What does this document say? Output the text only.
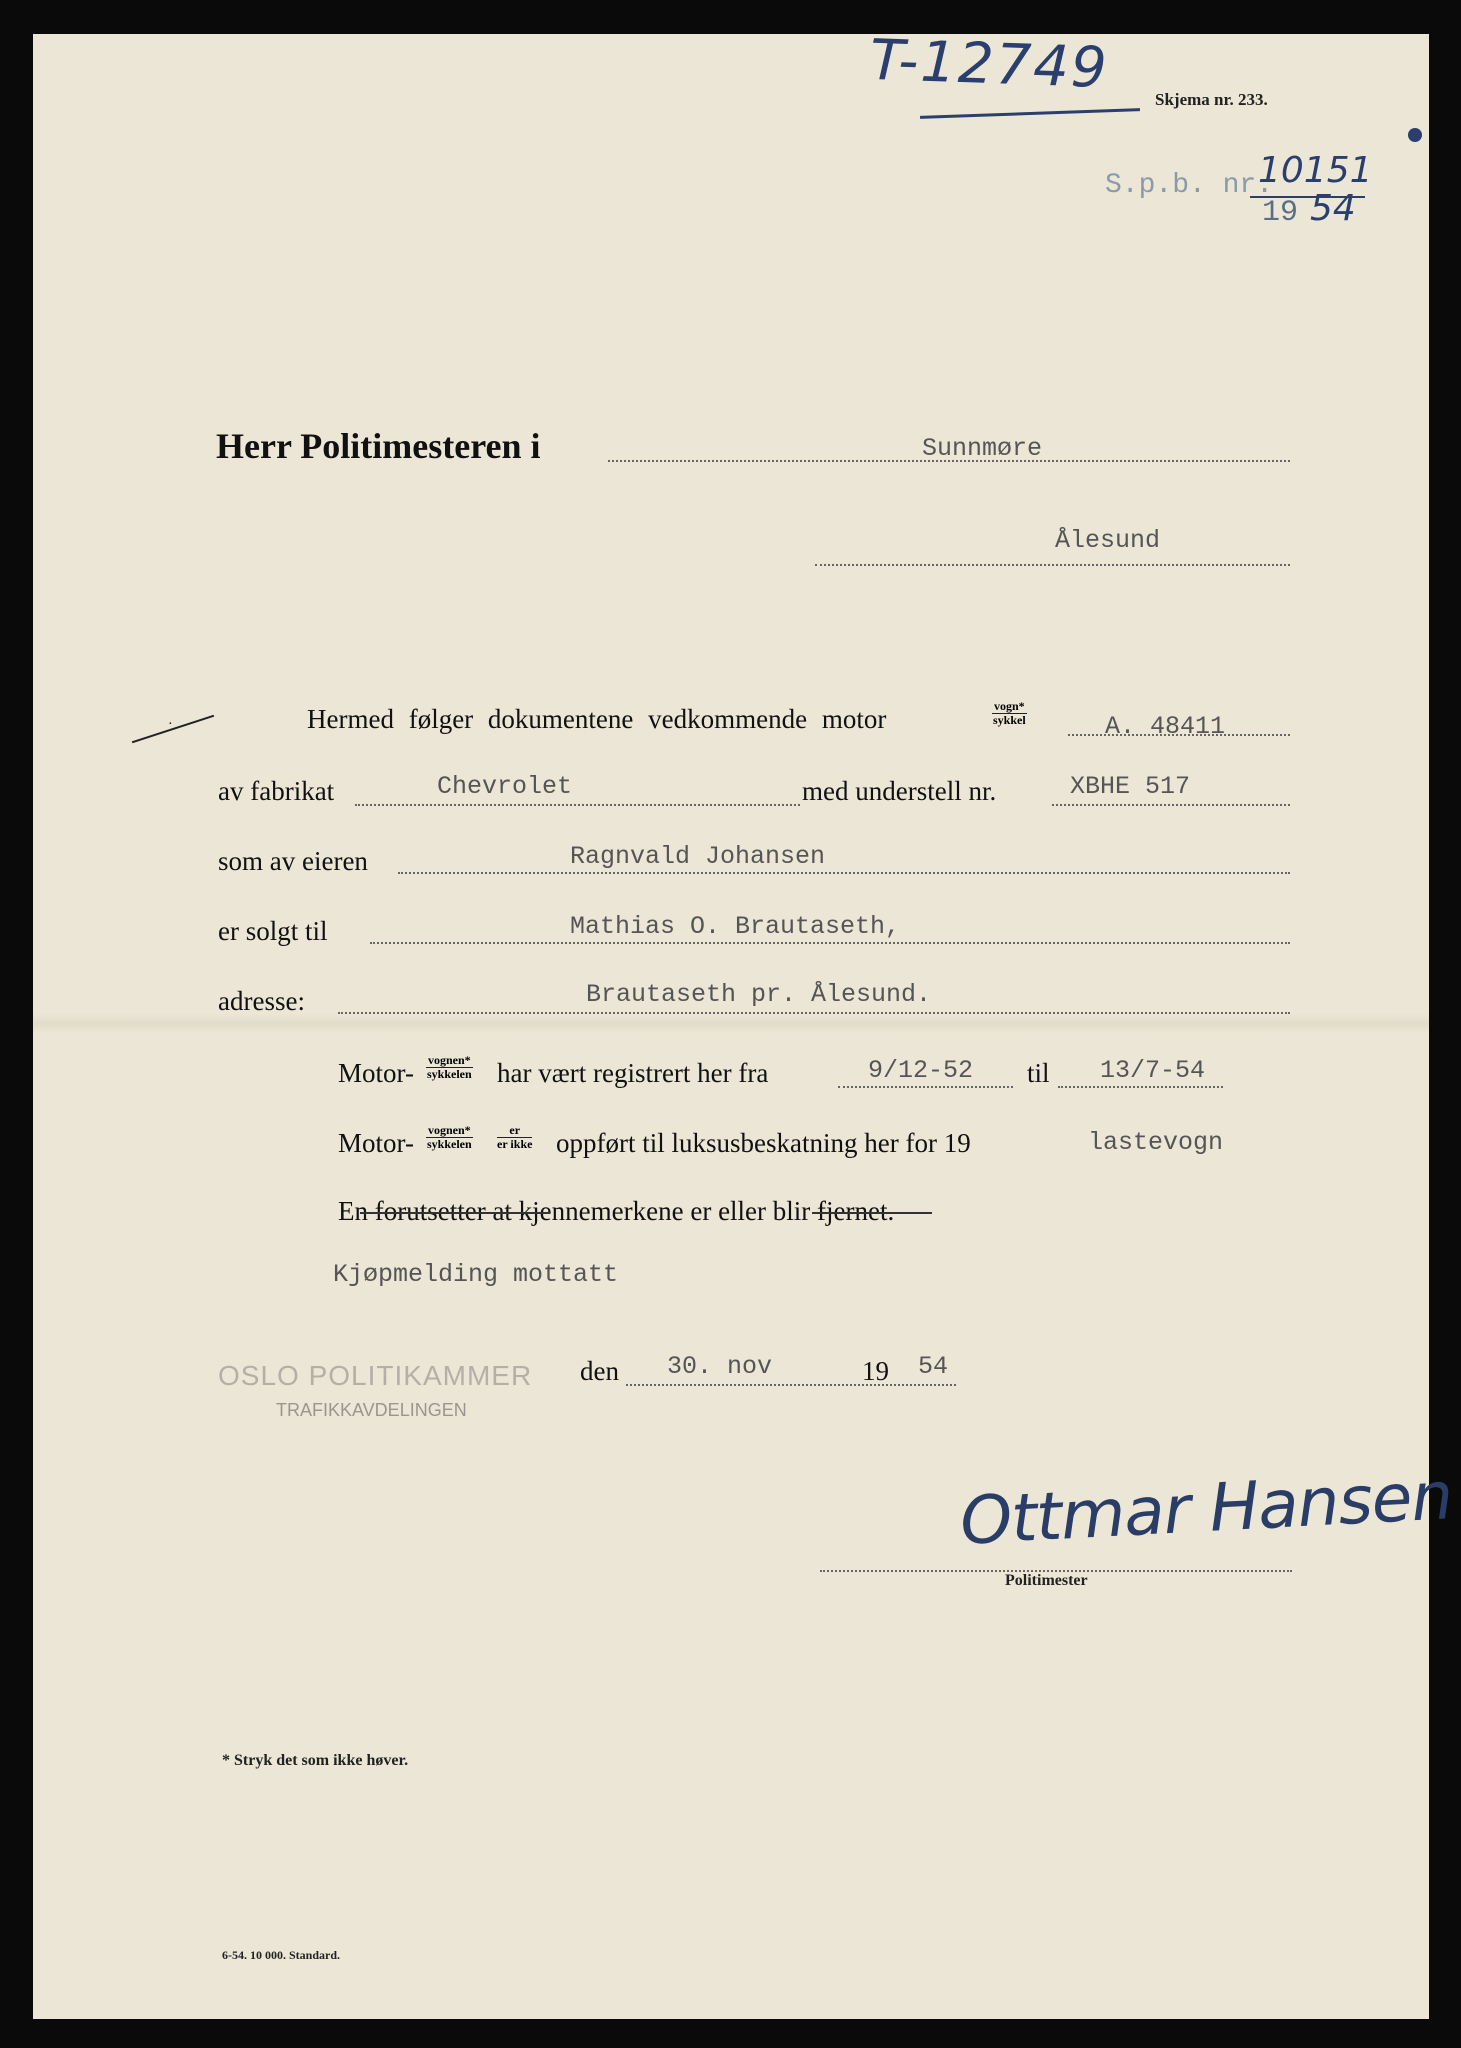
T-12749	Skjema nr. 233.
S.p.b. nr.
10151
19 54
Herr Politimesteren i	Sunnmøre
Ålesund
·	Hermed følger dokumentene vedkommende motor	$\frac{\text{vogn*}}{\text{sykkel}}$	A. 48411
av fabrikat	Chevrolet	med understell nr.	XBHE 517
som av eieren	Ragnvald Johansen
er solgt til	Mathias O. Brautaseth,
adresse:	Brautaseth pr. Ålesund.
Motor- $\frac{\text{vognen*}}{\text{sykkelen}}$ har vært registrert her fra	9/12-52 til 13/7-54
Motor- $\frac{\text{vognen*}}{\text{sykkelen}} \frac{er}{\text{er ikke}}$ oppført til luksusbeskatning her for 19	lastevogn
En forutsetter at kjennemerkene er eller blir fjernet.
Kjøpmelding mottatt
OSLO POLITIKAMMER
TRAFIKKAVDELINGEN
den 30. nov	19 54
Ottmar Hansen
Politimester
* Stryk det som ikke høver.
6-54. 10 000. Standard.
